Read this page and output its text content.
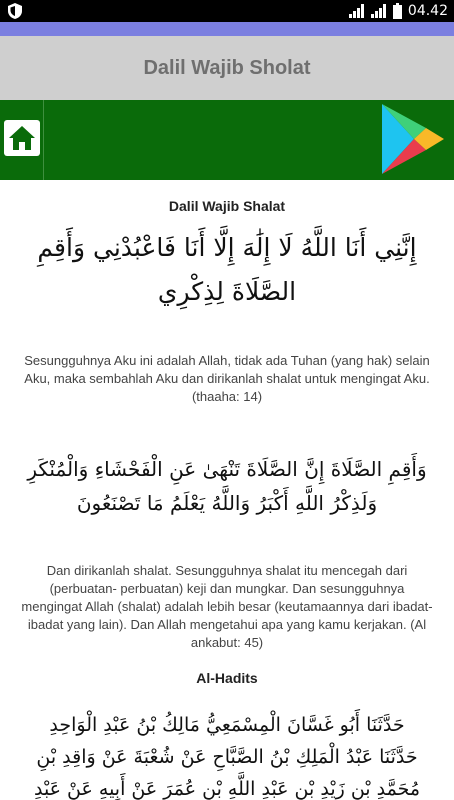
04.42
Dalil Wajib Sholat
Dalil Wajib Shalat
إِنَّنِي أَنَا اللَّهُ لَا إِلَٰهَ إِلَّا أَنَا فَاعْبُدْنِي وَأَقِمِ الصَّلَاةَ لِذِكْرِي
Sesungguhnya Aku ini adalah Allah, tidak ada Tuhan (yang hak) selain Aku, maka sembahlah Aku dan dirikanlah shalat untuk mengingat Aku. (thaaha: 14)
وَأَقِمِ الصَّلَاةَ إِنَّ الصَّلَاةَ تَنْهَىٰ عَنِ الْفَحْشَاءِ وَالْمُنْكَرِ وَلَذِكْرُ اللَّهِ أَكْبَرُ وَاللَّهُ يَعْلَمُ مَا تَصْنَعُونَ
Dan dirikanlah shalat. Sesungguhnya shalat itu mencegah dari (perbuatan- perbuatan) keji dan mungkar. Dan sesungguhnya mengingat Allah (shalat) adalah lebih besar (keutamaannya dari ibadat-ibadat yang lain). Dan Allah mengetahui apa yang kamu kerjakan. (Al ankabut: 45)
Al-Hadits
حَدَّثَنَا أَبُو غَسَّانَ الْمِسْمَعِيُّ مَالِكُ بْنُ عَبْدِ الْوَاحِدِ
حَدَّثَنَا عَبْدُ الْمَلِكِ بْنُ الصَّبَّاحِ عَنْ شُعْبَةَ عَنْ وَاقِدِ بْنِ
مُحَمَّدِ بْنِ زَيْدِ بْنِ عَبْدِ اللَّهِ بْنِ عُمَرَ عَنْ أَبِيهِ عَنْ عَبْدِ
